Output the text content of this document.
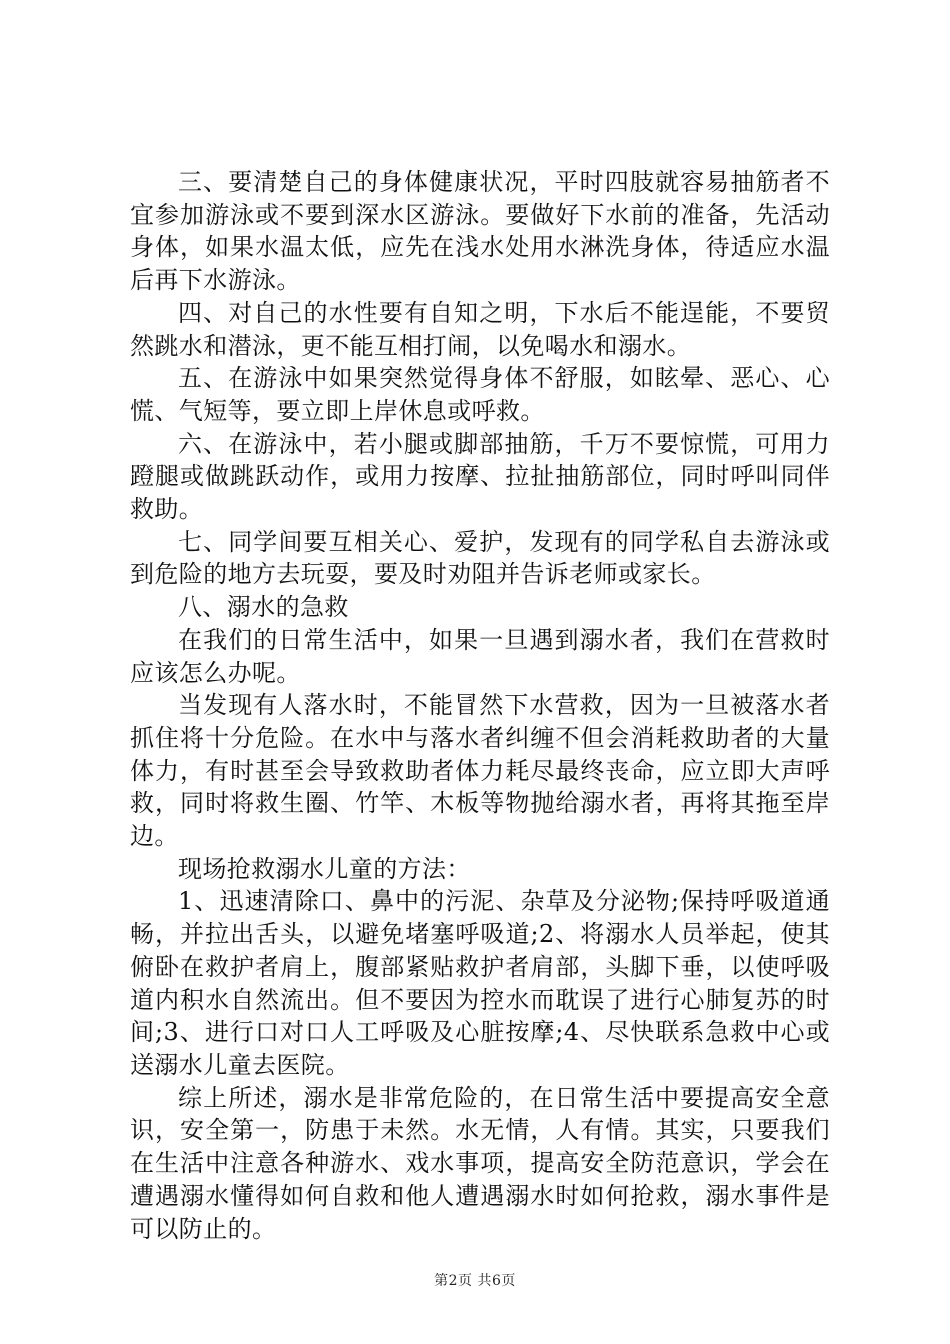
三、要清楚自己的身体健康状况，平时四肢就容易抽筋者不宜参加游泳或不要到深水区游泳。要做好下水前的准备，先活动身体，如果水温太低，应先在浅水处用水淋洗身体，待适应水温后再下水游泳。

四、对自己的水性要有自知之明，下水后不能逞能，不要贸然跳水和潜泳，更不能互相打闹，以免喝水和溺水。

五、在游泳中如果突然觉得身体不舒服，如眩晕、恶心、心慌、气短等，要立即上岸休息或呼救。

六、在游泳中，若小腿或脚部抽筋，千万不要惊慌，可用力蹬腿或做跳跃动作，或用力按摩、拉扯抽筋部位，同时呼叫同伴救助。

七、同学间要互相关心、爱护，发现有的同学私自去游泳或到危险的地方去玩耍，要及时劝阻并告诉老师或家长。

八、溺水的急救

在我们的日常生活中，如果一旦遇到溺水者，我们在营救时应该怎么办呢。

当发现有人落水时，不能冒然下水营救，因为一旦被落水者抓住将十分危险。在水中与落水者纠缠不但会消耗救助者的大量体力，有时甚至会导致救助者体力耗尽最终丧命，应立即大声呼救，同时将救生圈、竹竿、木板等物抛给溺水者，再将其拖至岸边。

现场抢救溺水儿童的方法：

1、迅速清除口、鼻中的污泥、杂草及分泌物;保持呼吸道通畅，并拉出舌头，以避免堵塞呼吸道;2、将溺水人员举起，使其俯卧在救护者肩上，腹部紧贴救护者肩部，头脚下垂，以使呼吸道内积水自然流出。但不要因为控水而耽误了进行心肺复苏的时间;3、进行口对口人工呼吸及心脏按摩;4、尽快联系急救中心或送溺水儿童去医院。

综上所述，溺水是非常危险的，在日常生活中要提高安全意识，安全第一，防患于未然。水无情，人有情。其实，只要我们在生活中注意各种游水、戏水事项，提高安全防范意识，学会在遭遇溺水懂得如何自救和他人遭遇溺水时如何抢救，溺水事件是可以防止的。

第2页 共6页
